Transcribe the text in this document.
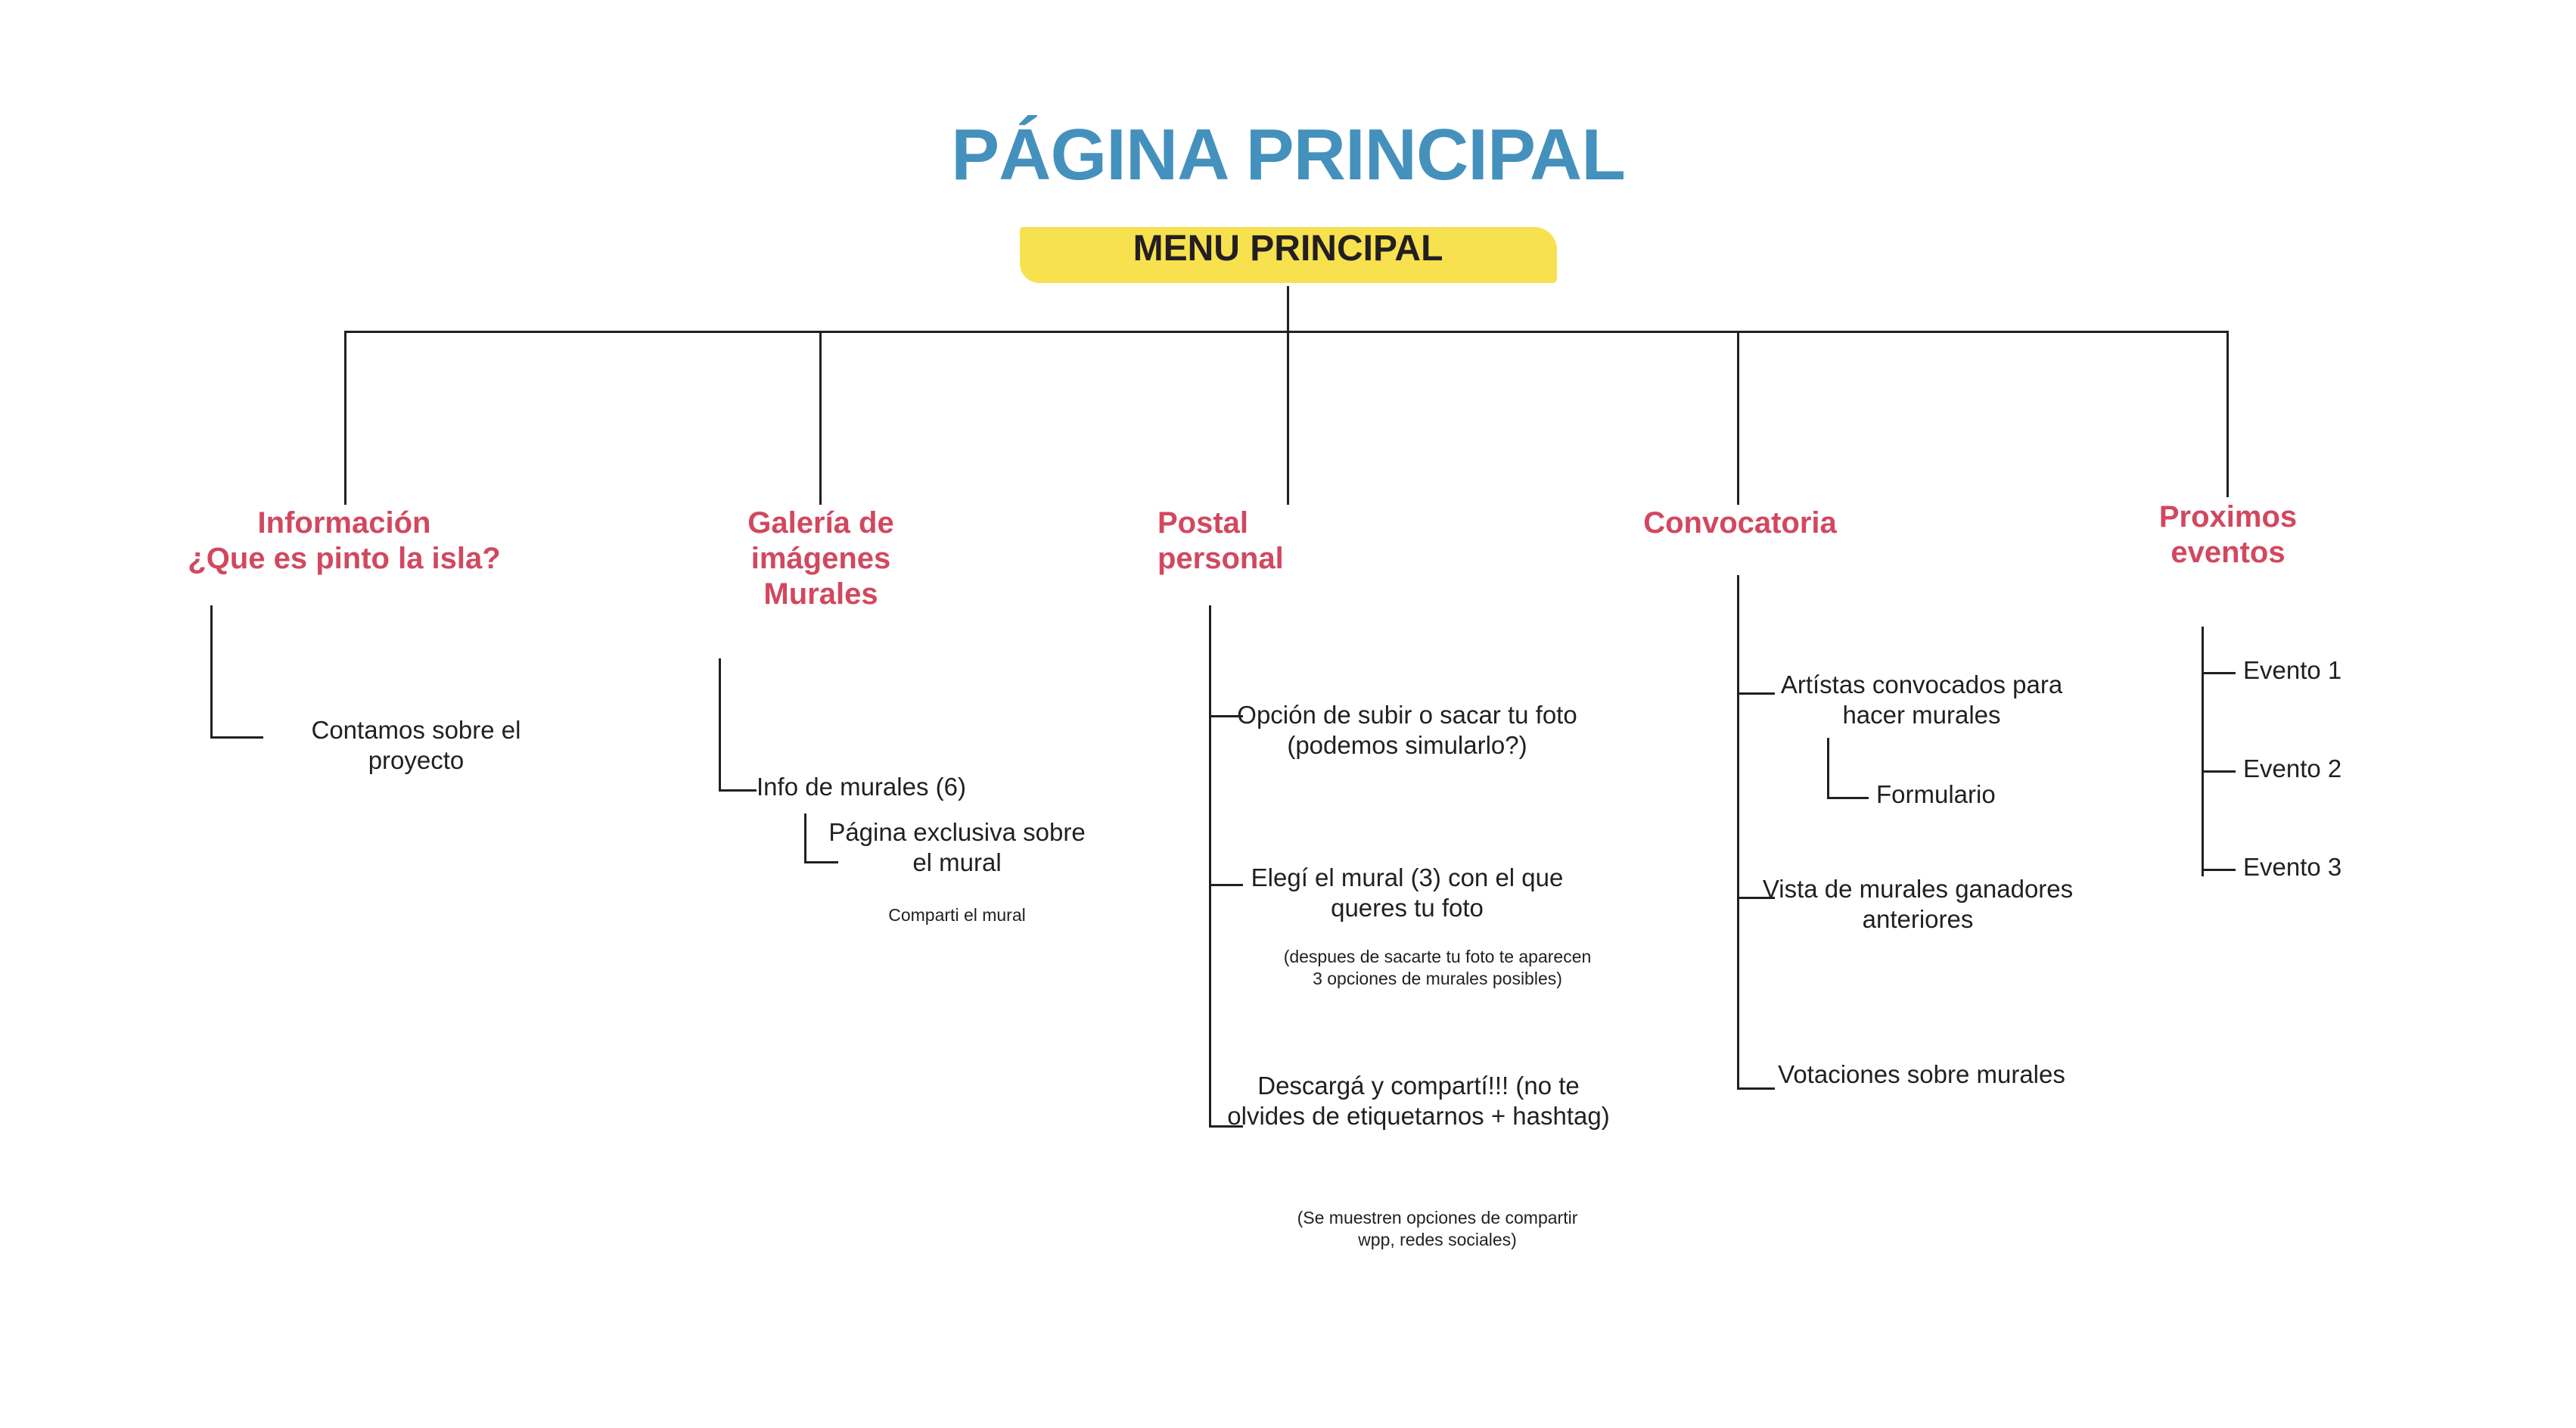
PÁGINA PRINCIPAL
MENU PRINCIPAL
Información
¿Que es pinto la isla?
Contamos sobre el proyecto
Galería de
imágenes
Murales
Info de murales (6)
Página exclusiva sobre el mural
Comparti el mural
Postal
personal
Opción de subir o sacar tu foto (podemos simularlo?)
Elegí el mural (3) con el que queres tu foto
(despues de sacarte tu foto te aparecen 3 opciones de murales posibles)
Descargá y compartí!!! (no te olvides de etiquetarnos + hashtag)
(Se muestren opciones de compartir wpp, redes sociales)
Convocatoria
Artístas convocados para hacer murales
Formulario
Vista de murales ganadores anteriores
Votaciones sobre murales
Proximos
eventos
Evento 1
Evento 2
Evento 3
